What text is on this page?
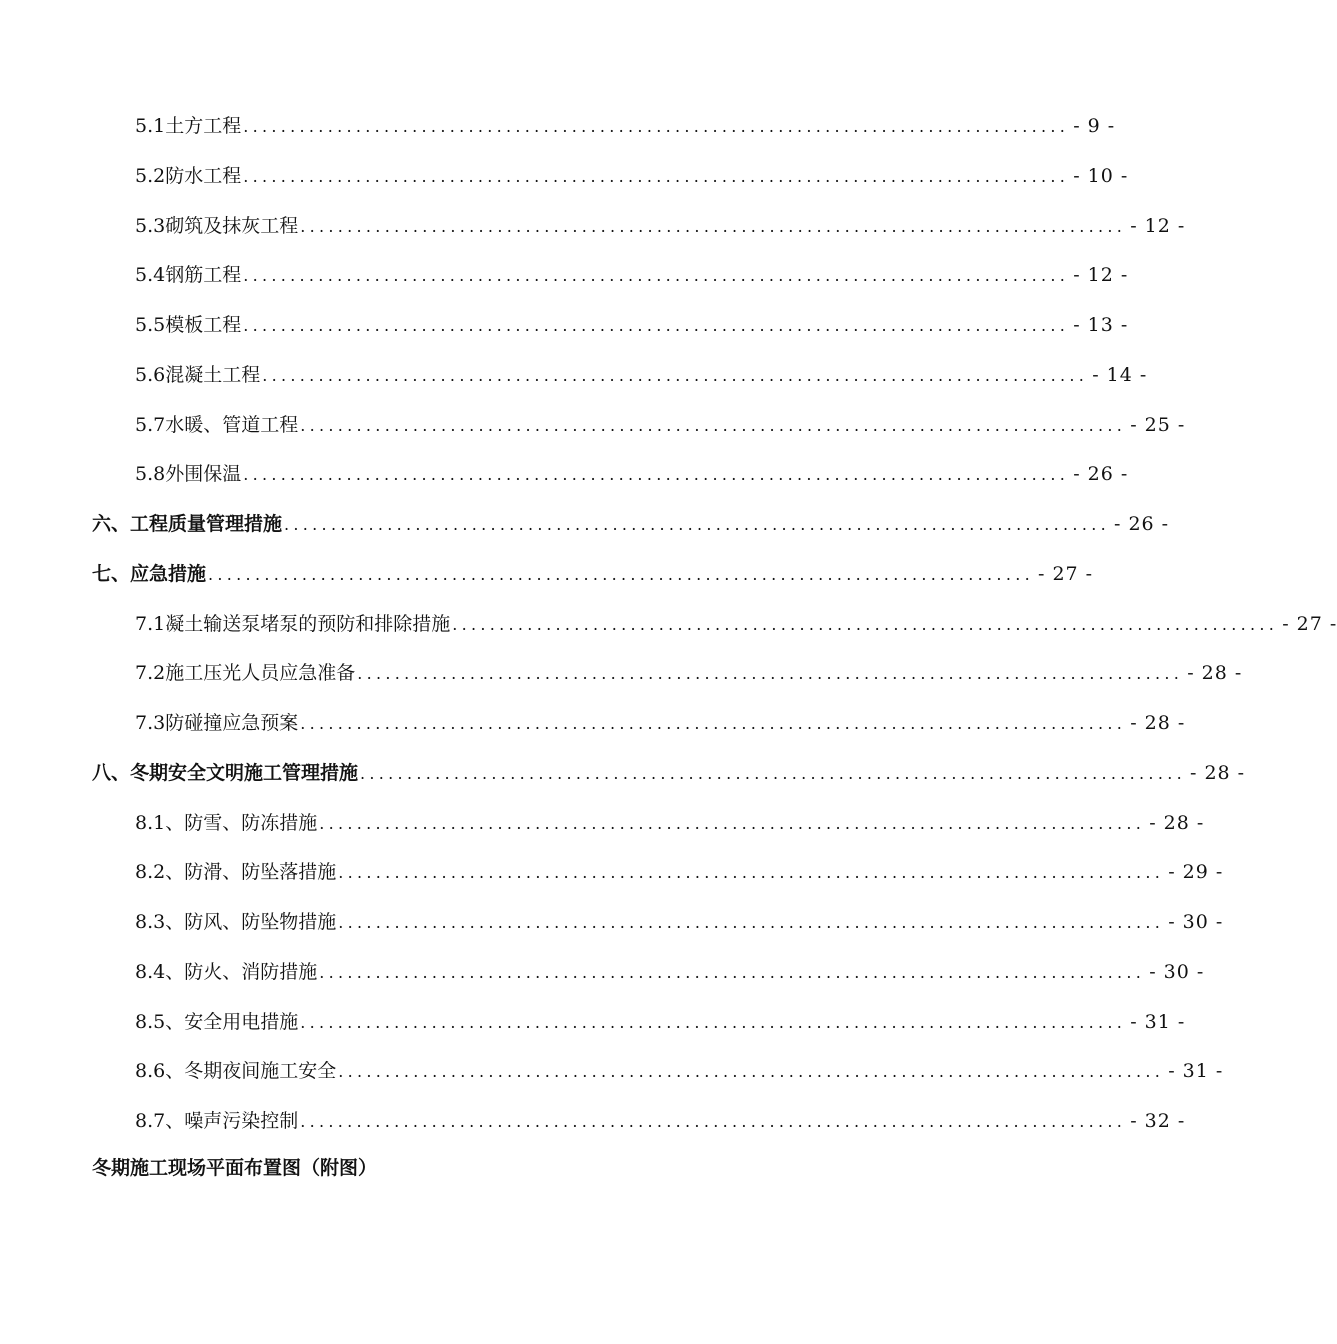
5.1土方工程 ........................................................................................ - 9 -
5.2防水工程 ........................................................................................ - 10 -
5.3砌筑及抹灰工程 ........................................................................................ - 12 -
5.4钢筋工程 ........................................................................................ - 12 -
5.5模板工程 ........................................................................................ - 13 -
5.6混凝土工程 ........................................................................................ - 14 -
5.7水暖、管道工程 ........................................................................................ - 25 -
5.8外围保温 ........................................................................................ - 26 -
六、工程质量管理措施 ........................................................................................ - 26 -
七、应急措施 ........................................................................................ - 27 -
7.1凝土输送泵堵泵的预防和排除措施 ........................................................................................ - 27 -
7.2施工压光人员应急准备 ........................................................................................ - 28 -
7.3防碰撞应急预案 ........................................................................................ - 28 -
八、冬期安全文明施工管理措施 ........................................................................................ - 28 -
8.1、防雪、防冻措施 ........................................................................................ - 28 -
8.2、防滑、防坠落措施 ........................................................................................ - 29 -
8.3、防风、防坠物措施 ........................................................................................ - 30 -
8.4、防火、消防措施 ........................................................................................ - 30 -
8.5、安全用电措施 ........................................................................................ - 31 -
8.6、冬期夜间施工安全 ........................................................................................ - 31 -
8.7、噪声污染控制 ........................................................................................ - 32 -
冬期施工现场平面布置图（附图）
